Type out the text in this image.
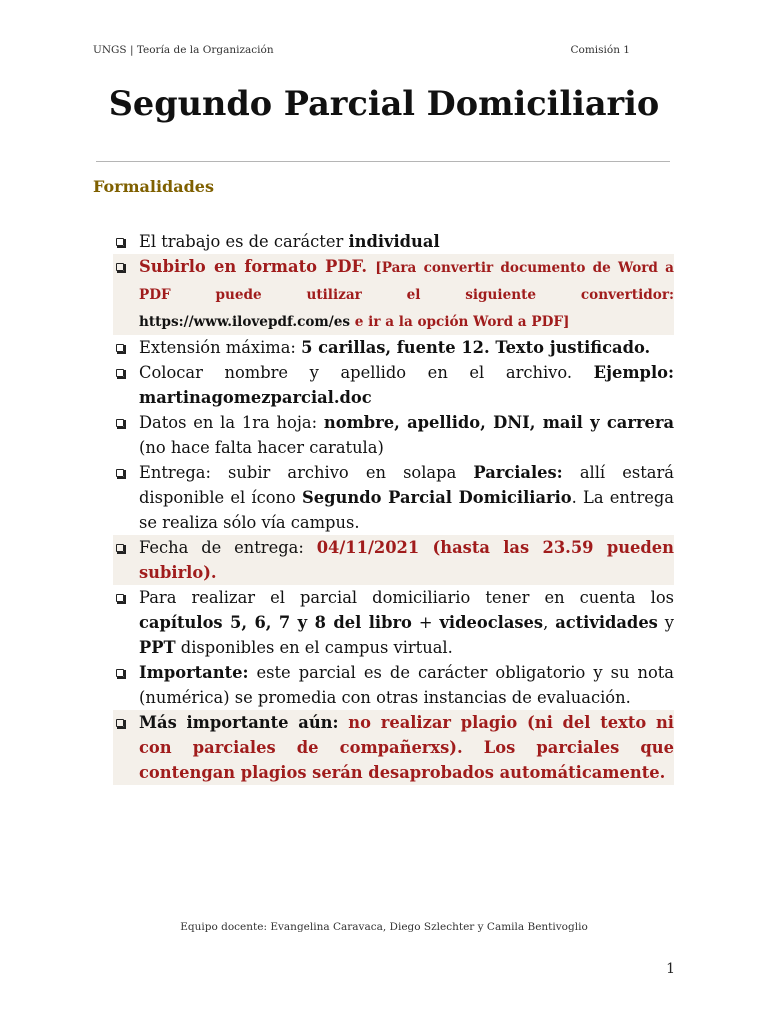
UNGS | Teoría de la Organización	Comisión 1
Segundo Parcial Domiciliario
Formalidades
El trabajo es de carácter individual
Subirlo en formato PDF. [Para convertir documento de Word a PDF puede utilizar el siguiente convertidor: https://www.ilovepdf.com/es e ir a la opción Word a PDF]
Extensión máxima: 5 carillas, fuente 12. Texto justificado.
Colocar nombre y apellido en el archivo. Ejemplo: martinagomezparcial.doc
Datos en la 1ra hoja: nombre, apellido, DNI, mail y carrera (no hace falta hacer caratula)
Entrega: subir archivo en solapa Parciales: allí estará disponible el ícono Segundo Parcial Domiciliario. La entrega se realiza sólo vía campus.
Fecha de entrega: 04/11/2021 (hasta las 23.59 pueden subirlo).
Para realizar el parcial domiciliario tener en cuenta los capítulos 5, 6, 7 y 8 del libro + videoclases, actividades y PPT disponibles en el campus virtual.
Importante: este parcial es de carácter obligatorio y su nota (numérica) se promedia con otras instancias de evaluación.
Más importante aún: no realizar plagio (ni del texto ni con parciales de compañerxs). Los parciales que contengan plagios serán desaprobados automáticamente.
Equipo docente: Evangelina Caravaca, Diego Szlechter y Camila Bentivoglio
1
